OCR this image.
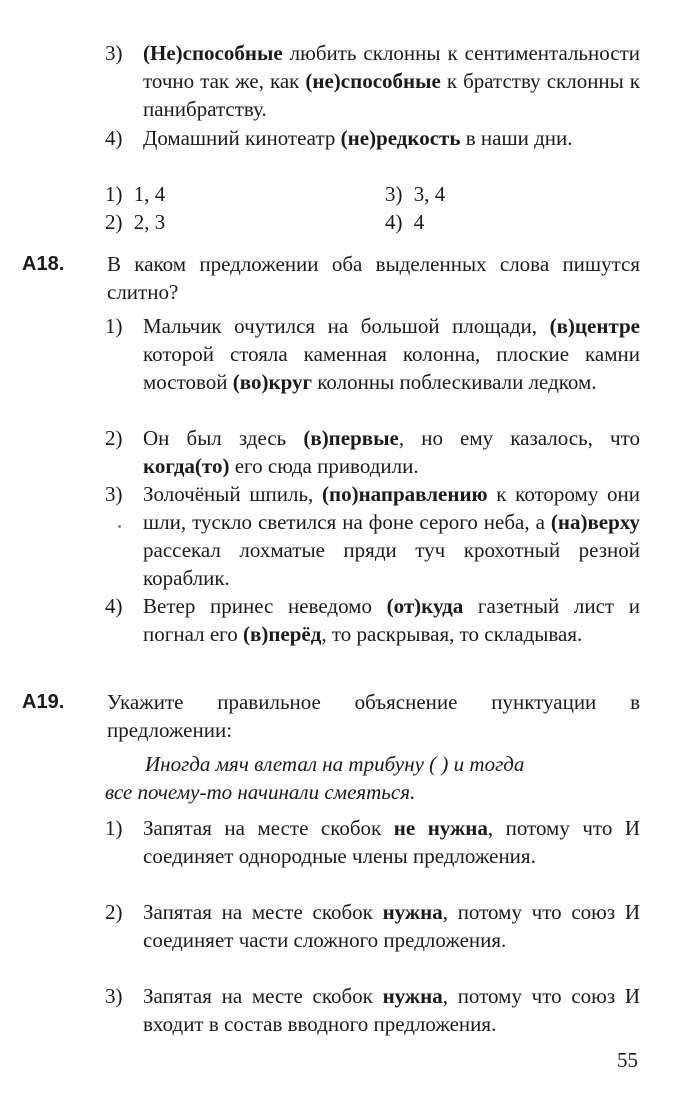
3) (Не)способные любить склонны к сентиментальности точно так же, как (не)способные к братству склонны к панибратству.
4) Домашний кинотеатр (не)редкость в наши дни.
1) 1, 4	3) 3, 4
2) 2, 3	4) 4
А18. В каком предложении оба выделенных слова пишутся слитно?
1) Мальчик очутился на большой площади, (в)центре которой стояла каменная колонна, плоские камни мостовой (во)круг колонны поблескивали ледком.
2) Он был здесь (в)первые, но ему казалось, что когда(то) его сюда приводили.
3) Золочёный шпиль, (по)направлению к которому они шли, тускло светился на фоне серого неба, а (на)верху рассекал лохматые пряди туч крохотный резной кораблик.
4) Ветер принес неведомо (от)куда газетный лист и погнал его (в)перёд, то раскрывая, то складывая.
А19. Укажите правильное объяснение пунктуации в предложении:
Иногда мяч влетал на трибуну ( ) и тогда
все почему-то начинали смеяться.
1) Запятая на месте скобок не нужна, потому что И соединяет однородные члены предложения.
2) Запятая на месте скобок нужна, потому что союз И соединяет части сложного предложения.
3) Запятая на месте скобок нужна, потому что союз И входит в состав вводного предложения.
55
